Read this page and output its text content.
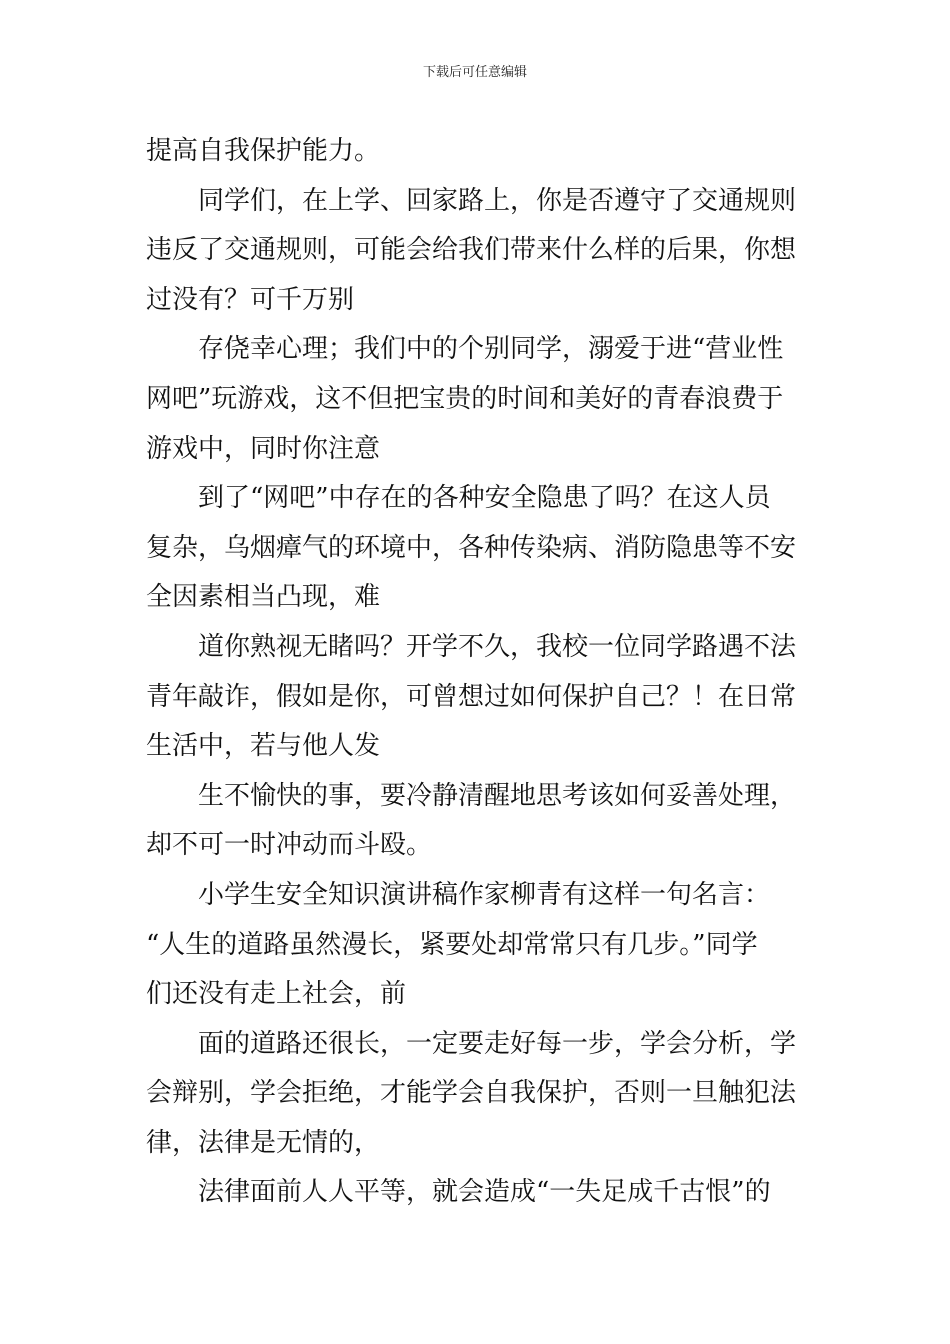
下载后可任意编辑

提高自我保护能力。

同学们，在上学、回家路上，你是否遵守了交通规则
违反了交通规则，可能会给我们带来什么样的后果，你想
过没有？可千万别

存侥幸心理；我们中的个别同学，溺爱于进“营业性
网吧”玩游戏，这不但把宝贵的时间和美好的青春浪费于
游戏中，同时你注意

到了“网吧”中存在的各种安全隐患了吗？在这人员
复杂，乌烟瘴气的环境中，各种传染病、消防隐患等不安
全因素相当凸现，难

道你熟视无睹吗？开学不久，我校一位同学路遇不法
青年敲诈，假如是你，可曾想过如何保护自己？！在日常
生活中，若与他人发

生不愉快的事，要冷静清醒地思考该如何妥善处理，
却不可一时冲动而斗殴。

小学生安全知识演讲稿作家柳青有这样一句名言：
“人生的道路虽然漫长，紧要处却常常只有几步。”同学
们还没有走上社会，前

面的道路还很长，一定要走好每一步，学会分析，学
会辩别，学会拒绝，才能学会自我保护，否则一旦触犯法
律，法律是无情的，

法律面前人人平等，就会造成“一失足成千古恨”的
